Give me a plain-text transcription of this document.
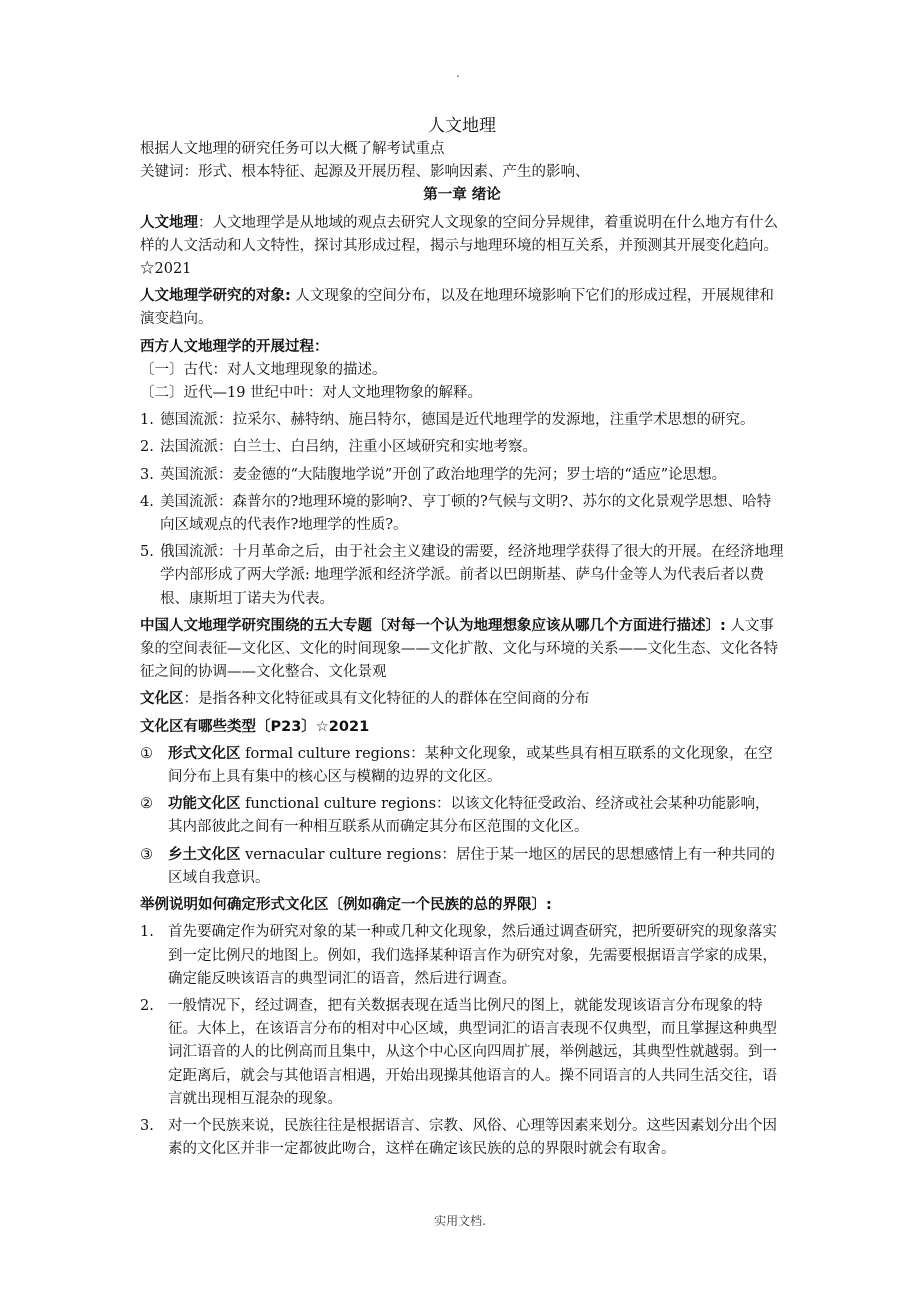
.
人文地理

根据人文地理的研究任务可以大概了解考试重点

关键词：形式、根本特征、起源及开展历程、影响因素、产生的影响、

第一章 绪论

人文地理：人文地理学是从地域的观点去研究人文现象的空间分异规律，着重说明在什么地方有什么样的人文活动和人文特性，探讨其形成过程，揭示与地理环境的相互关系，并预测其开展变化趋向。☆2021

人文地理学研究的对象: 人文现象的空间分布，以及在地理环境影响下它们的形成过程，开展规律和演变趋向。

西方人文地理学的开展过程：

〔一〕古代：对人文地理现象的描述。

〔二〕近代—19 世纪中叶：对人文地理物象的解释。

1. 德国流派：拉采尔、赫特纳、施吕特尔，德国是近代地理学的发源地，注重学术思想的研究。
2. 法国流派：白兰士、白吕纳，注重小区域研究和实地考察。
3. 英国流派：麦金德的“大陆腹地学说”开创了政治地理学的先河；罗士培的“适应”论思想。
4. 美国流派：森普尔的?地理环境的影响?、亨丁顿的?气候与文明?、苏尔的文化景观学思想、哈特向区域观点的代表作?地理学的性质?。
5. 俄国流派：十月革命之后，由于社会主义建设的需要，经济地理学获得了很大的开展。在经济地理学内部形成了两大学派: 地理学派和经济学派。前者以巴朗斯基、萨乌什金等人为代表后者以费根、康斯坦丁诺夫为代表。

中国人文地理学研究围绕的五大专题〔对每一个认为地理想象应该从哪几个方面进行描述〕: 人文事象的空间表征—文化区、文化的时间现象——文化扩散、文化与环境的关系——文化生态、文化各特征之间的协调——文化整合、文化景观

文化区：是指各种文化特征或具有文化特征的人的群体在空间商的分布

文化区有哪些类型〔P23〕☆2021

①	形式文化区 formal culture regions：某种文化现象，或某些具有相互联系的文化现象，在空间分布上具有集中的核心区与模糊的边界的文化区。
②	功能文化区 functional culture regions：以该文化特征受政治、经济或社会某种功能影响，其内部彼此之间有一种相互联系从而确定其分布区范围的文化区。
③	乡土文化区 vernacular culture regions：居住于某一地区的居民的思想感情上有一种共同的区域自我意识。

举例说明如何确定形式文化区〔例如确定一个民族的总的界限〕:

1. 首先要确定作为研究对象的某一种或几种文化现象，然后通过调查研究，把所要研究的现象落实到一定比例尺的地图上。例如，我们选择某种语言作为研究对象，先需要根据语言学家的成果，确定能反映该语言的典型词汇的语音，然后进行调查。
2. 一般情况下，经过调查，把有关数据表现在适当比例尺的图上，就能发现该语言分布现象的特征。大体上，在该语言分布的相对中心区域，典型词汇的语言表现不仅典型，而且掌握这种典型词汇语音的人的比例高而且集中，从这个中心区向四周扩展，举例越远，其典型性就越弱。到一定距离后，就会与其他语言相遇，开始出现操其他语言的人。操不同语言的人共同生活交往，语言就出现相互混杂的现象。
3. 对一个民族来说，民族往往是根据语言、宗教、风俗、心理等因素来划分。这些因素划分出个因素的文化区并非一定都彼此吻合，这样在确定该民族的总的界限时就会有取舍。
实用文档.
